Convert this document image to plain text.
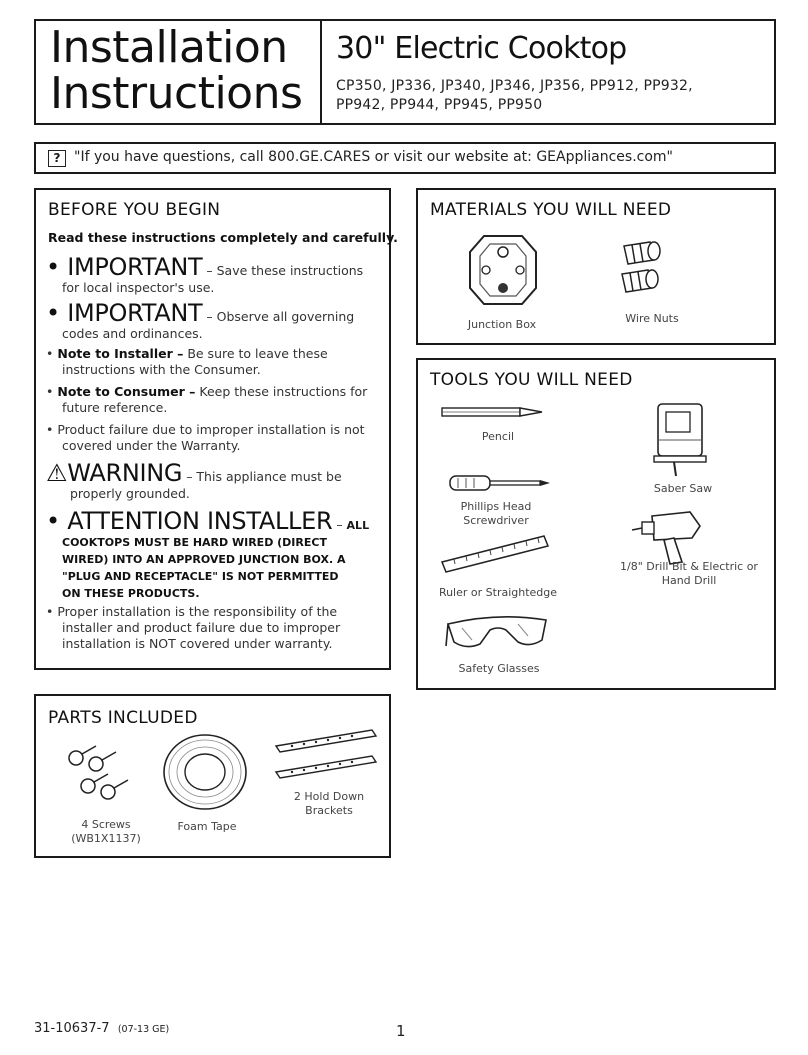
Installation
Instructions
30" Electric Cooktop
CP350, JP336, JP340, JP346, JP356, PP912, PP932,
PP942, PP944, PP945, PP950
? "If you have questions, call 800.GE.CARES or visit our website at: GEAppliances.com"
BEFORE YOU BEGIN
Read these instructions completely and carefully.
• IMPORTANT – Save these instructions
for local inspector's use.
• IMPORTANT – Observe all governing
codes and ordinances.
• Note to Installer – Be sure to leave these
instructions with the Consumer.
• Note to Consumer – Keep these instructions for
future reference.
• Product failure due to improper installation is not
covered under the Warranty.
⚠WARNING – This appliance must be
properly grounded.
• ATTENTION INSTALLER – ALL
COOKTOPS MUST BE HARD WIRED (DIRECT
WIRED) INTO AN APPROVED JUNCTION BOX. A
"PLUG AND RECEPTACLE" IS NOT PERMITTED
ON THESE PRODUCTS.
• Proper installation is the responsibility of the
installer and product failure due to improper
installation is NOT covered under warranty.
MATERIALS YOU WILL NEED
Junction Box	Wire Nuts
TOOLS YOU WILL NEED
Pencil
Saber Saw
Phillips Head
Screwdriver
1/8" Drill Bit & Electric or
Hand Drill
Ruler or Straightedge
Safety Glasses
PARTS INCLUDED
4 Screws
(WB1X1137)
Foam Tape
2 Hold Down
Brackets
31-10637-7 (07-13 GE)	1
